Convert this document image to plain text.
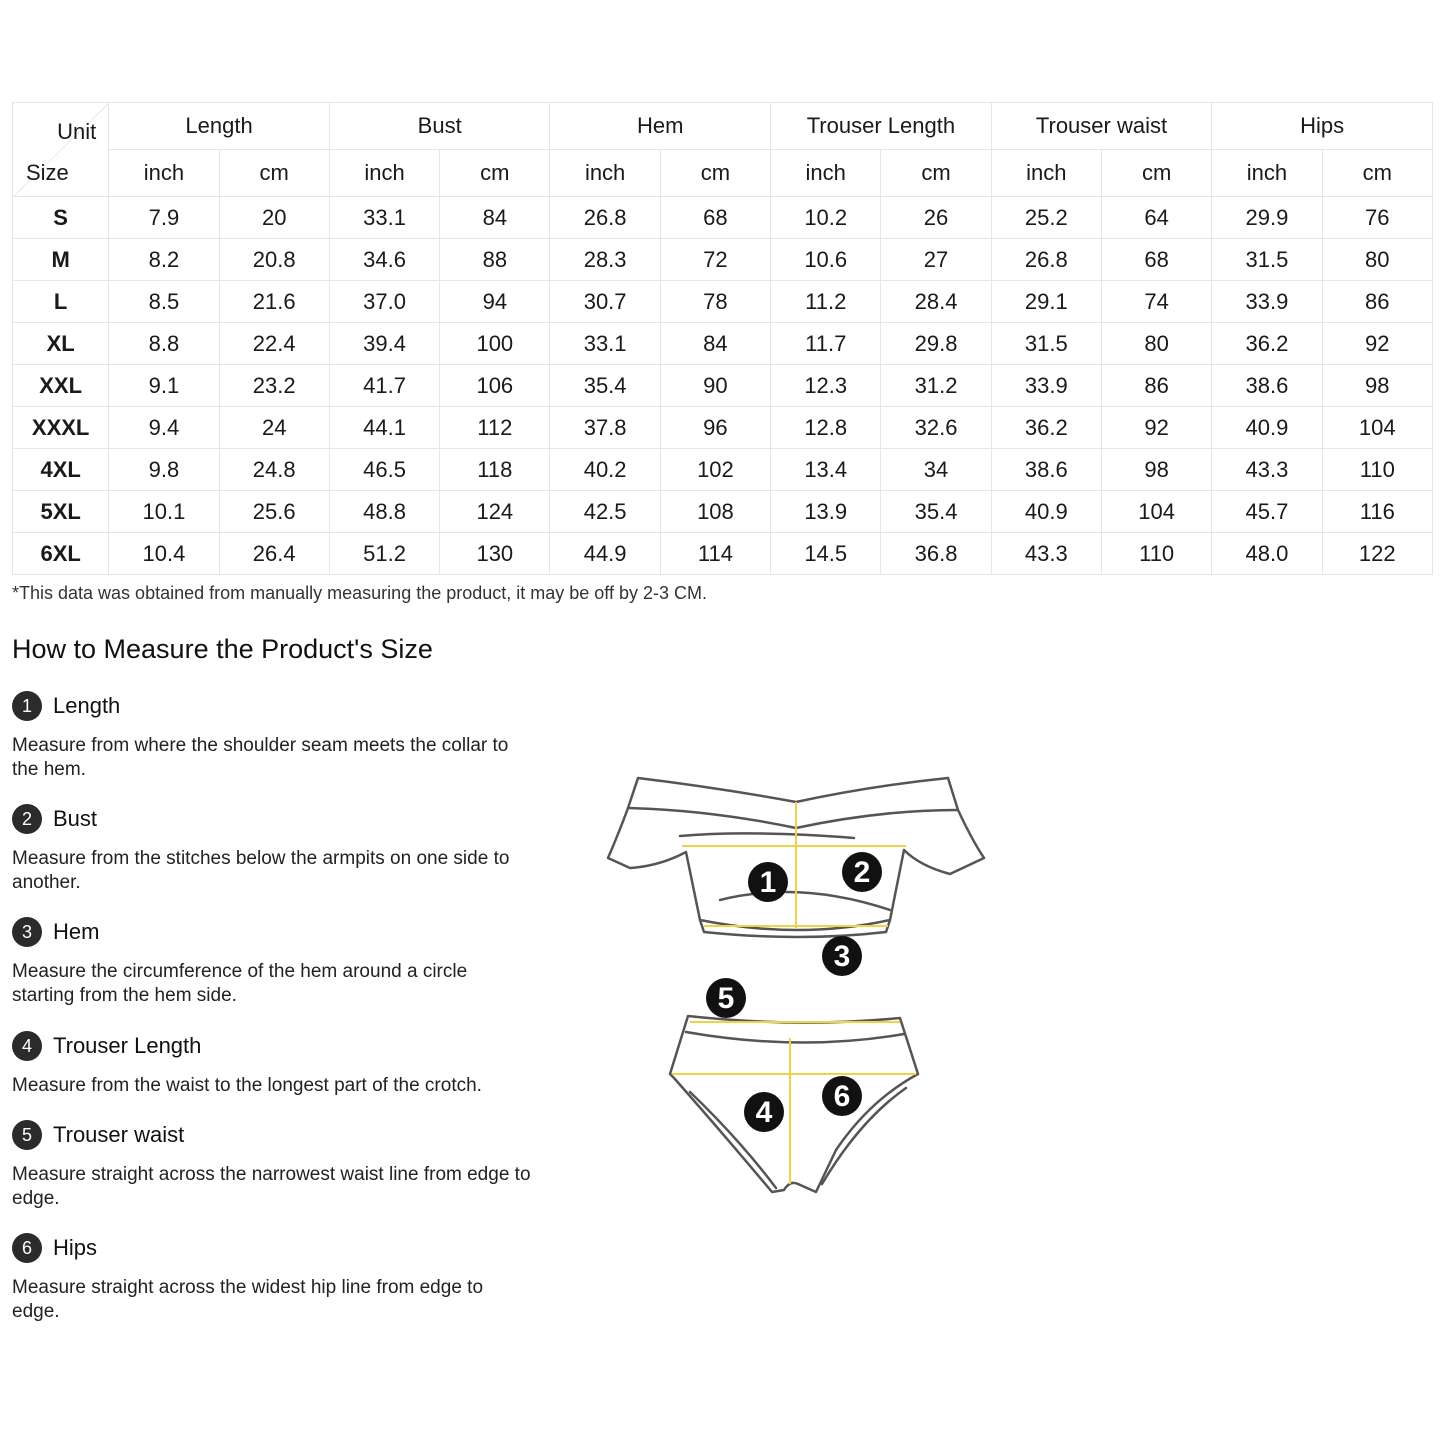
Unit
Size	Length		Bust		Hem		Trouser Length		Trouser waist		Hips	
	inch	cm	inch	cm	inch	cm	inch	cm	inch	cm	inch	cm
S	7.9	20	33.1	84	26.8	68	10.2	26	25.2	64	29.9	76
M	8.2	20.8	34.6	88	28.3	72	10.6	27	26.8	68	31.5	80
L	8.5	21.6	37.0	94	30.7	78	11.2	28.4	29.1	74	33.9	86
XL	8.8	22.4	39.4	100	33.1	84	11.7	29.8	31.5	80	36.2	92
XXL	9.1	23.2	41.7	106	35.4	90	12.3	31.2	33.9	86	38.6	98
XXXL	9.4	24	44.1	112	37.8	96	12.8	32.6	36.2	92	40.9	104
4XL	9.8	24.8	46.5	118	40.2	102	13.4	34	38.6	98	43.3	110
5XL	10.1	25.6	48.8	124	42.5	108	13.9	35.4	40.9	104	45.7	116
6XL	10.4	26.4	51.2	130	44.9	114	14.5	36.8	43.3	110	48.0	122
*This data was obtained from manually measuring the product, it may be off by 2-3 CM.
How to Measure the Product's Size
1 Length
Measure from where the shoulder seam meets the collar to the hem.
2 Bust
Measure from the stitches below the armpits on one side to another.
3 Hem
Measure the circumference of the hem around a circle starting from the hem side.
4 Trouser Length
Measure from the waist to the longest part of the crotch.
5 Trouser waist
Measure straight across the narrowest waist line from edge to edge.
6 Hips
Measure straight across the widest hip line from edge to edge.
1	2
3
5
4 6
